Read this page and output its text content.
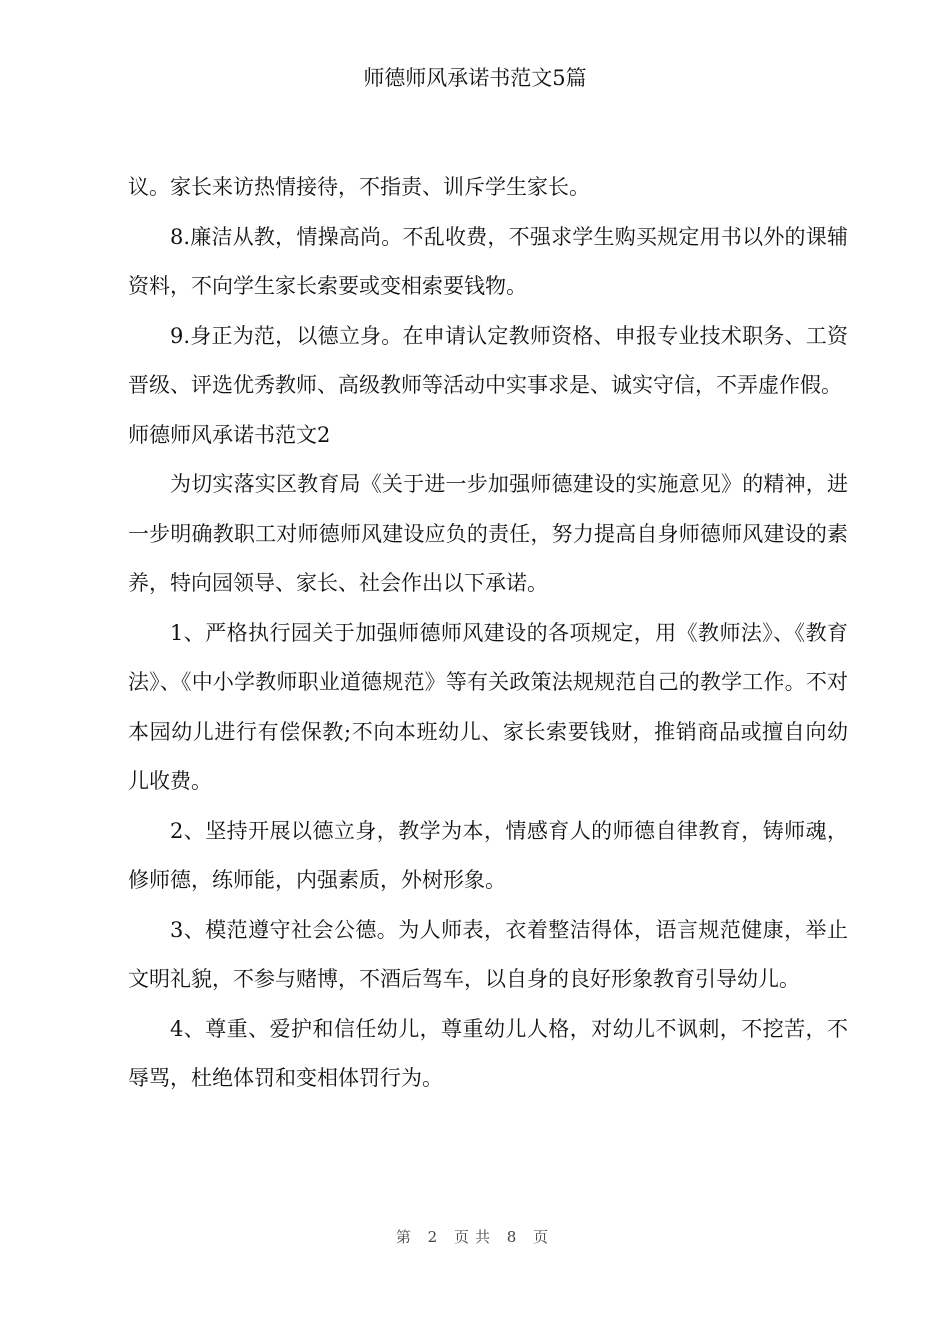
师德师风承诺书范文5篇

议。家长来访热情接待，不指责、训斥学生家长。

8.廉洁从教，情操高尚。不乱收费，不强求学生购买规定用书以外的课辅资料，不向学生家长索要或变相索要钱物。

9.身正为范，以德立身。在申请认定教师资格、申报专业技术职务、工资晋级、评选优秀教师、高级教师等活动中实事求是、诚实守信，不弄虚作假。

师德师风承诺书范文2

为切实落实区教育局《关于进一步加强师德建设的实施意见》的精神，进一步明确教职工对师德师风建设应负的责任，努力提高自身师德师风建设的素养，特向园领导、家长、社会作出以下承诺。

1、严格执行园关于加强师德师风建设的各项规定，用《教师法》、《教育法》、《中小学教师职业道德规范》等有关政策法规规范自己的教学工作。不对本园幼儿进行有偿保教;不向本班幼儿、家长索要钱财，推销商品或擅自向幼儿收费。

2、坚持开展以德立身，教学为本，情感育人的师德自律教育，铸师魂，修师德，练师能，内强素质，外树形象。

3、模范遵守社会公德。为人师表，衣着整洁得体，语言规范健康，举止文明礼貌，不参与赌博，不酒后驾车，以自身的良好形象教育引导幼儿。

4、尊重、爱护和信任幼儿，尊重幼儿人格，对幼儿不讽刺，不挖苦，不辱骂，杜绝体罚和变相体罚行为。

第 2 页共 8 页
